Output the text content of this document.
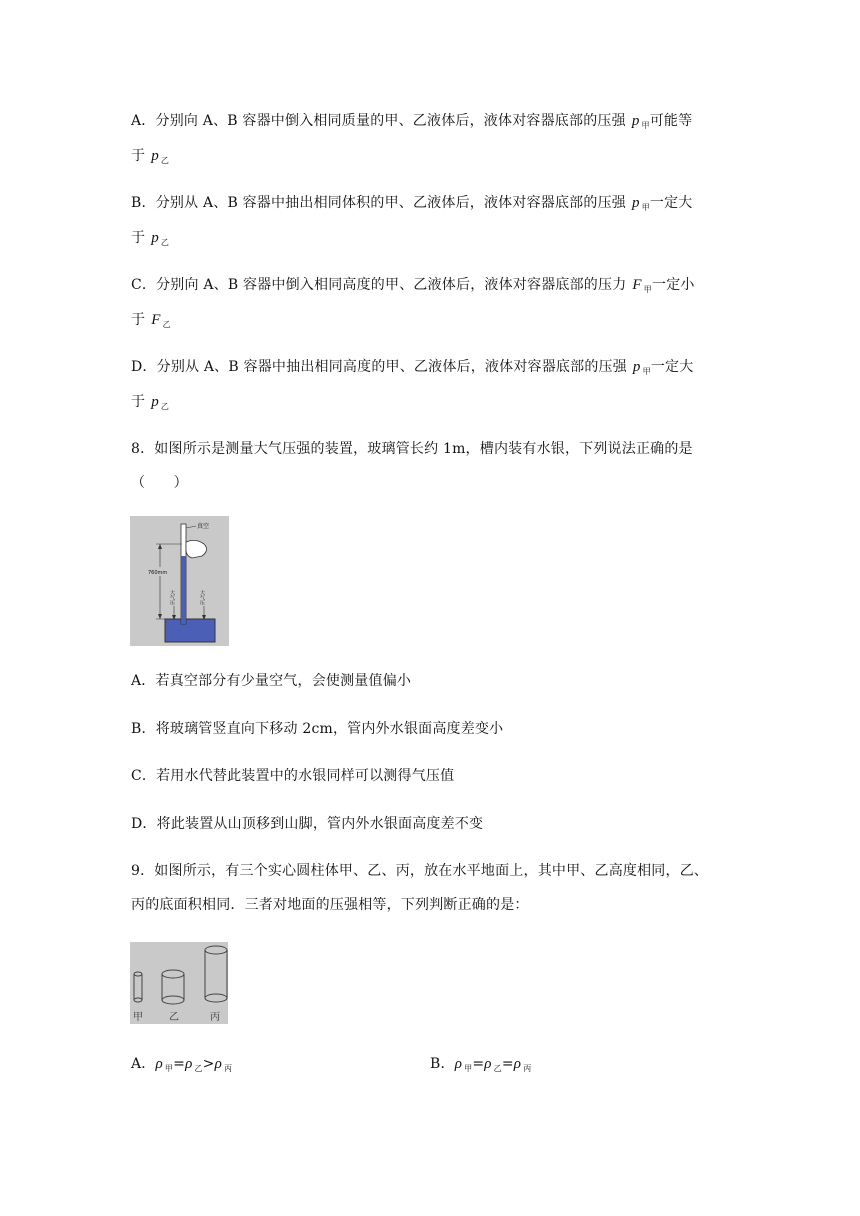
A．分别向 A、B 容器中倒入相同质量的甲、乙液体后，液体对容器底部的压强 p $_甲$可能等
于 p $_乙$
B．分别从 A、B 容器中抽出相同体积的甲、乙液体后，液体对容器底部的压强 p $_甲$一定大
于 p $_乙$
C．分别向 A、B 容器中倒入相同高度的甲、乙液体后，液体对容器底部的压力 F $_甲$一定小
于 F $_乙$
D．分别从 A、B 容器中抽出相同高度的甲、乙液体后，液体对容器底部的压强 p $_甲$一定大
于 p $_乙$
8．如图所示是测量大气压强的装置，玻璃管长约 1m，槽内装有水银，下列说法正确的是
（　　）
真空
760mm
大气压	大气压
A．若真空部分有少量空气，会使测量值偏小
B．将玻璃管竖直向下移动 2cm，管内外水银面高度差变小
C．若用水代替此装置中的水银同样可以测得气压值
D．将此装置从山顶移到山脚，管内外水银面高度差不变
9．如图所示，有三个实心圆柱体甲、乙、丙，放在水平地面上，其中甲、乙高度相同，乙、
丙的底面积相同．三者对地面的压强相等，下列判断正确的是：
甲	乙	丙
A．ρ $_甲$=ρ $_乙$>ρ $_丙$	B．ρ $_甲$=ρ $_乙$=ρ $_丙$
